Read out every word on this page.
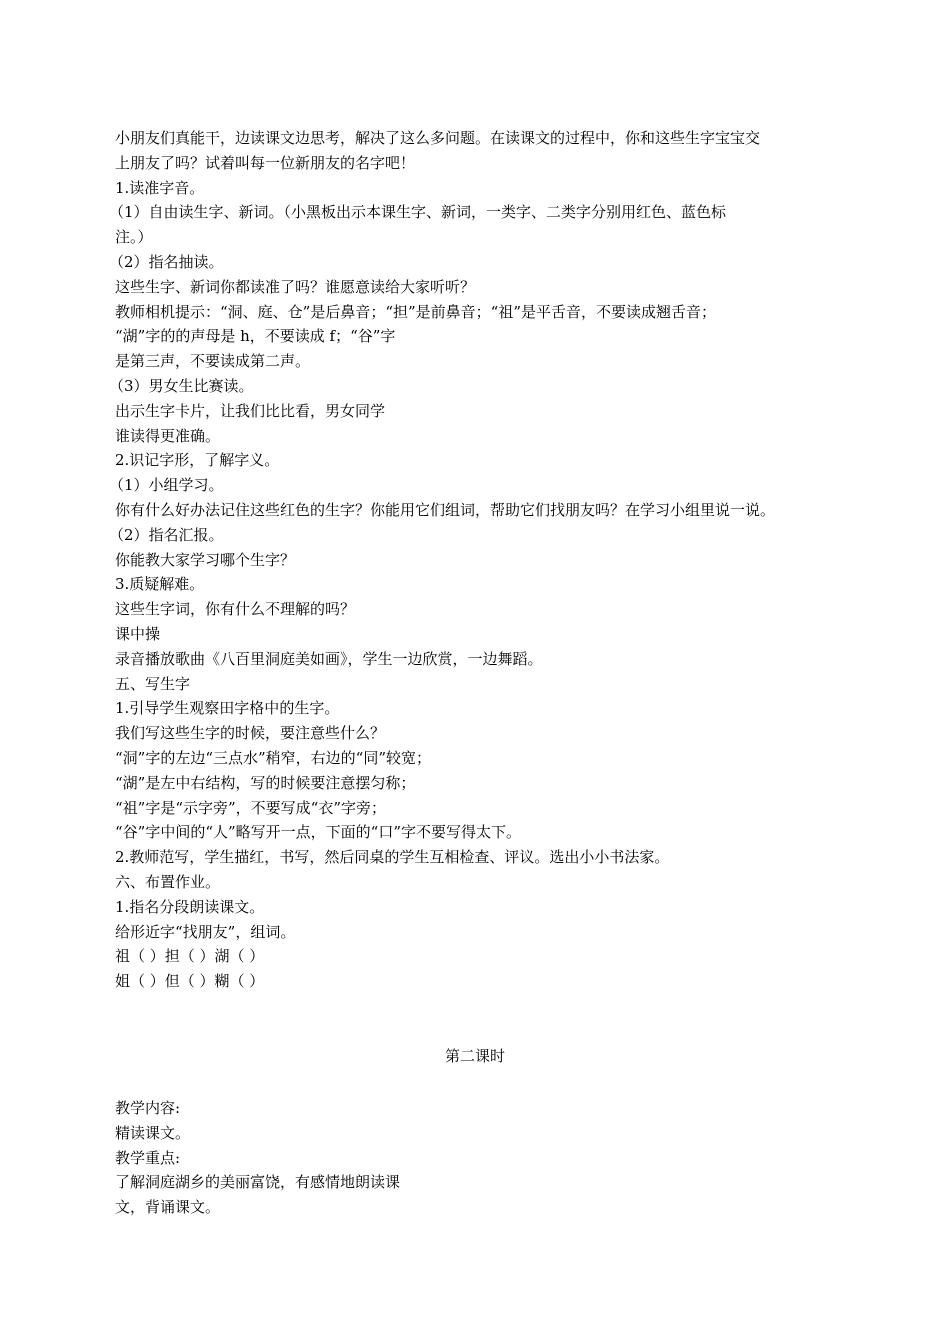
小朋友们真能干，边读课文边思考，解决了这么多问题。在读课文的过程中，你和这些生字宝宝交

上朋友了吗？试着叫每一位新朋友的名字吧！

1.读准字音。

（1）自由读生字、新词。（小黑板出示本课生字、新词，一类字、二类字分别用红色、蓝色标

注。）

（2）指名抽读。

这些生字、新词你都读准了吗？谁愿意读给大家听听？

教师相机提示：“洞、庭、仓”是后鼻音；“担”是前鼻音；“祖”是平舌音，不要读成翘舌音；

“湖”字的的声母是 h，不要读成 f；“谷”字

是第三声，不要读成第二声。

（3）男女生比赛读。

出示生字卡片，让我们比比看，男女同学

谁读得更准确。

2.识记字形，了解字义。

（1）小组学习。

你有什么好办法记住这些红色的生字？你能用它们组词，帮助它们找朋友吗？在学习小组里说一说。

（2）指名汇报。

你能教大家学习哪个生字？

3.质疑解难。

这些生字词，你有什么不理解的吗？

课中操

录音播放歌曲《八百里洞庭美如画》，学生一边欣赏，一边舞蹈。

五、写生字

1.引导学生观察田字格中的生字。

我们写这些生字的时候，要注意些什么？

“洞”字的左边“三点水”稍窄，右边的“同”较宽；

“湖”是左中右结构，写的时候要注意摆匀称；

“祖”字是“示字旁”，不要写成“衣”字旁；

“谷”字中间的“人”略写开一点，下面的“口”字不要写得太下。

2.教师范写，学生描红，书写，然后同桌的学生互相检查、评议。选出小小书法家。

六、布置作业。

1.指名分段朗读课文。

给形近字“找朋友”，组词。

祖（ ）担（ ）湖（ ）

姐（ ）但（ ）糊（ ）

第二课时

教学内容:

精读课文。

教学重点:

了解洞庭湖乡的美丽富饶，有感情地朗读课

文，背诵课文。
